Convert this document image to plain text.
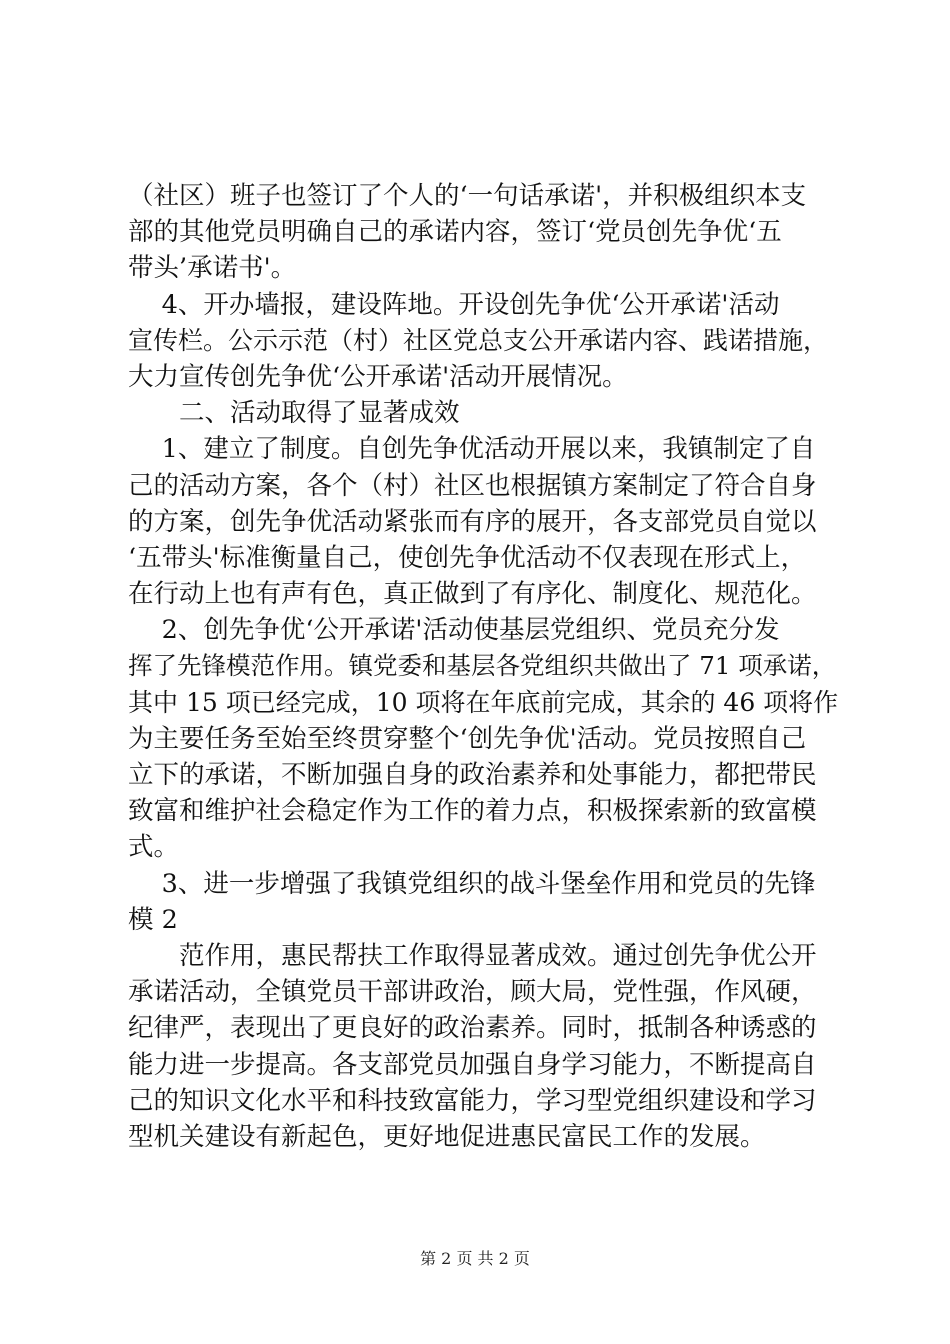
（社区）班子也签订了个人的‘一句话承诺'，并积极组织本支
部的其他党员明确自己的承诺内容，签订‘党员创先争优‘五
带头’承诺书'。
　 4、开办墙报，建设阵地。开设创先争优‘公开承诺'活动
宣传栏。公示示范（村）社区党总支公开承诺内容、践诺措施，
大力宣传创先争优‘公开承诺'活动开展情况。
　　二、活动取得了显著成效
　 1、建立了制度。自创先争优活动开展以来，我镇制定了自
己的活动方案，各个（村）社区也根据镇方案制定了符合自身
的方案，创先争优活动紧张而有序的展开，各支部党员自觉以
‘五带头'标准衡量自己，使创先争优活动不仅表现在形式上，
在行动上也有声有色，真正做到了有序化、制度化、规范化。
　 2、创先争优‘公开承诺'活动使基层党组织、党员充分发
挥了先锋模范作用。镇党委和基层各党组织共做出了 71 项承诺，
其中 15 项已经完成，10 项将在年底前完成，其余的 46 项将作
为主要任务至始至终贯穿整个‘创先争优'活动。党员按照自己
立下的承诺，不断加强自身的政治素养和处事能力，都把带民
致富和维护社会稳定作为工作的着力点，积极探索新的致富模
式。
　 3、进一步增强了我镇党组织的战斗堡垒作用和党员的先锋
模 2
　　范作用，惠民帮扶工作取得显著成效。通过创先争优公开
承诺活动，全镇党员干部讲政治，顾大局，党性强，作风硬，
纪律严，表现出了更良好的政治素养。同时，抵制各种诱惑的
能力进一步提高。各支部党员加强自身学习能力，不断提高自
己的知识文化水平和科技致富能力，学习型党组织建设和学习
型机关建设有新起色，更好地促进惠民富民工作的发展。
第 2 页 共 2 页
